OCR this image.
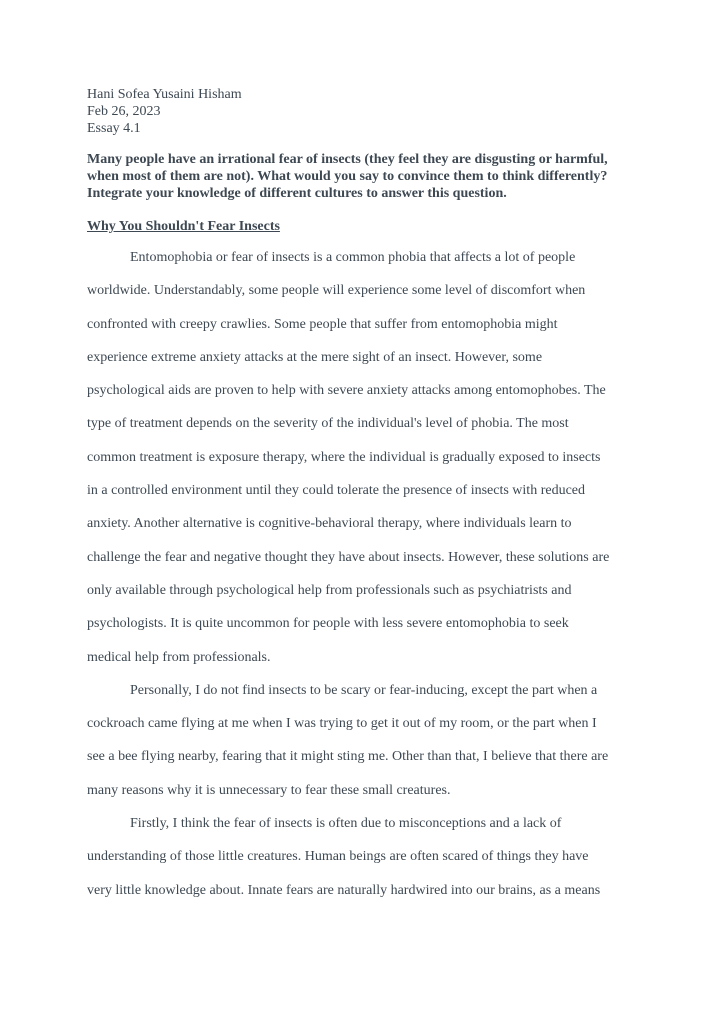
Hani Sofea Yusaini Hisham

Feb 26, 2023

Essay 4.1

Many people have an irrational fear of insects (they feel they are disgusting or harmful,
when most of them are not). What would you say to convince them to think differently?
Integrate your knowledge of different cultures to answer this question.
Why You Shouldn't Fear Insects

Entomophobia or fear of insects is a common phobia that affects a lot of people
worldwide. Understandably, some people will experience some level of discomfort when
confronted with creepy crawlies. Some people that suffer from entomophobia might
experience extreme anxiety attacks at the mere sight of an insect. However, some
psychological aids are proven to help with severe anxiety attacks among entomophobes. The
type of treatment depends on the severity of the individual's level of phobia. The most
common treatment is exposure therapy, where the individual is gradually exposed to insects
in a controlled environment until they could tolerate the presence of insects with reduced
anxiety. Another alternative is cognitive-behavioral therapy, where individuals learn to
challenge the fear and negative thought they have about insects. However, these solutions are
only available through psychological help from professionals such as psychiatrists and
psychologists. It is quite uncommon for people with less severe entomophobia to seek
medical help from professionals.

Personally, I do not find insects to be scary or fear-inducing, except the part when a
cockroach came flying at me when I was trying to get it out of my room, or the part when I
see a bee flying nearby, fearing that it might sting me. Other than that, I believe that there are
many reasons why it is unnecessary to fear these small creatures.

Firstly, I think the fear of insects is often due to misconceptions and a lack of
understanding of those little creatures. Human beings are often scared of things they have
very little knowledge about. Innate fears are naturally hardwired into our brains, as a means
